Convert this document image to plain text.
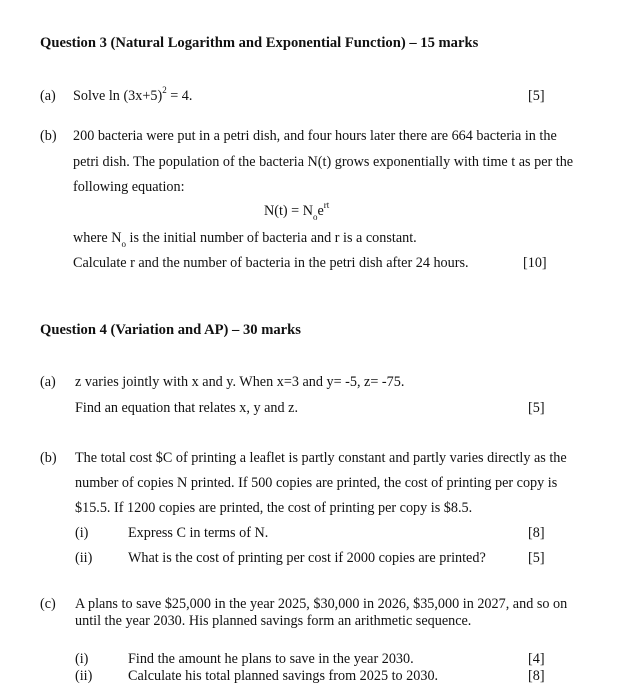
Question 3 (Natural Logarithm and Exponential Function) – 15 marks
(a) Solve $\ln (3x+5)^2 = 4$.	[5]
(b) 200 bacteria were put in a petri dish, and four hours later there are 664 bacteria in the
petri dish. The population of the bacteria N(t) grows exponentially with time t as per the
following equation:
$N(t) = N_oe^{rt}$
where $N_o$ is the initial number of bacteria and r is a constant.
Calculate r and the number of bacteria in the petri dish after 24 hours.	[10]
Question 4 (Variation and AP) – 30 marks
(a) z varies jointly with x and y. When x=3 and y= -5, z= -75.
Find an equation that relates x, y and z.	[5]
(b) The total cost $C of printing a leaflet is partly constant and partly varies directly as the
number of copies N printed. If 500 copies are printed, the cost of printing per copy is
$15.5. If 1200 copies are printed, the cost of printing per copy is $8.5.
(i)	Express C in terms of N.	[8]
(ii)	What is the cost of printing per cost if 2000 copies are printed?	[5]
(c) A plans to save $25,000 in the year 2025, $30,000 in 2026, $35,000 in 2027, and so on
until the year 2030. His planned savings form an arithmetic sequence.
(i)	Find the amount he plans to save in the year 2030.	[4]
(ii)	Calculate his total planned savings from 2025 to 2030.	[8]
